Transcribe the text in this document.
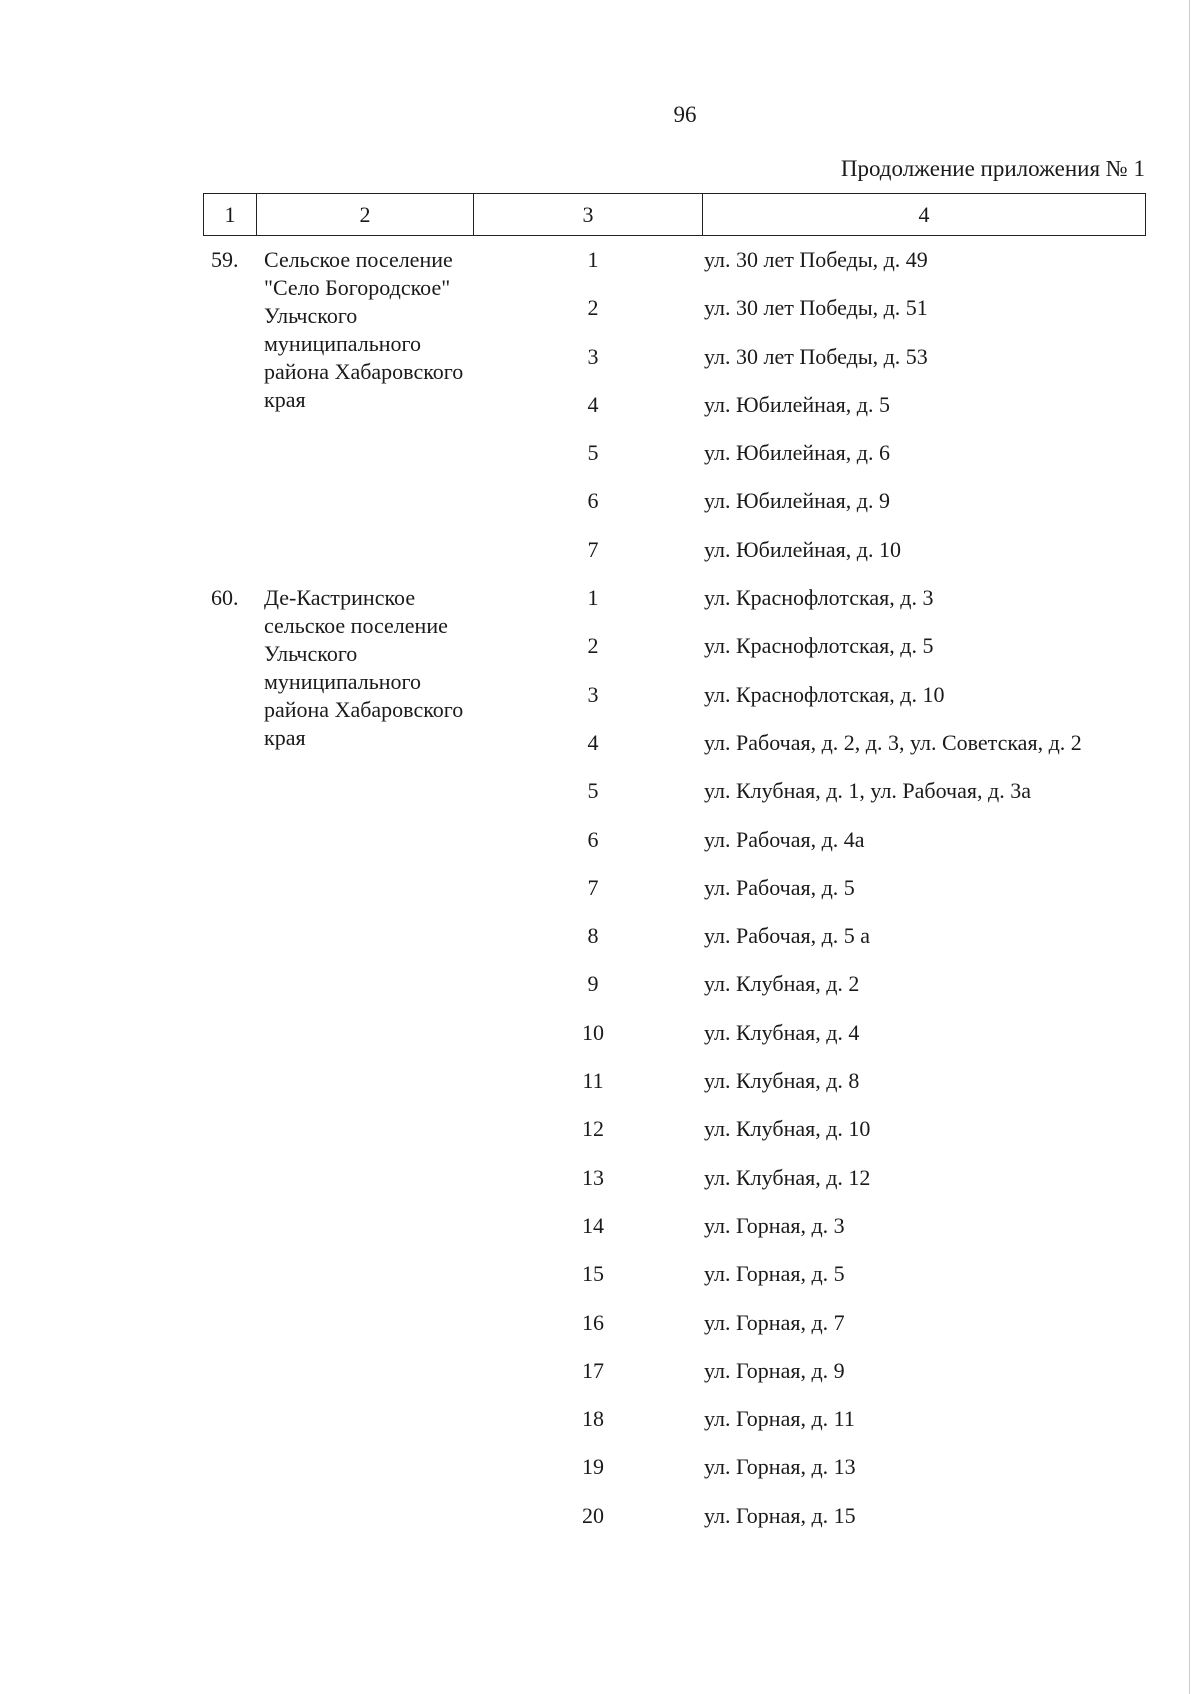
96
Продолжение приложения № 1
1	2	3	4
59. Сельское поселение "Село Богородское" Ульчского муниципального района Хабаровского края
1	ул. 30 лет Победы, д. 49
2	ул. 30 лет Победы, д. 51
3	ул. 30 лет Победы, д. 53
4	ул. Юбилейная, д. 5
5	ул. Юбилейная, д. 6
6	ул. Юбилейная, д. 9
7	ул. Юбилейная, д. 10
60. Де-Кастринское сельское поселение Ульчского муниципального района Хабаровского края
1	ул. Краснофлотская, д. 3
2	ул. Краснофлотская, д. 5
3	ул. Краснофлотская, д. 10
4	ул. Рабочая, д. 2, д. 3, ул. Советская, д. 2
5	ул. Клубная, д. 1, ул. Рабочая, д. 3а
6	ул. Рабочая, д. 4а
7	ул. Рабочая, д. 5
8	ул. Рабочая, д. 5 а
9	ул. Клубная, д. 2
10	ул. Клубная, д. 4
11	ул. Клубная, д. 8
12	ул. Клубная, д. 10
13	ул. Клубная, д. 12
14	ул. Горная, д. 3
15	ул. Горная, д. 5
16	ул. Горная, д. 7
17	ул. Горная, д. 9
18	ул. Горная, д. 11
19	ул. Горная, д. 13
20	ул. Горная, д. 15
